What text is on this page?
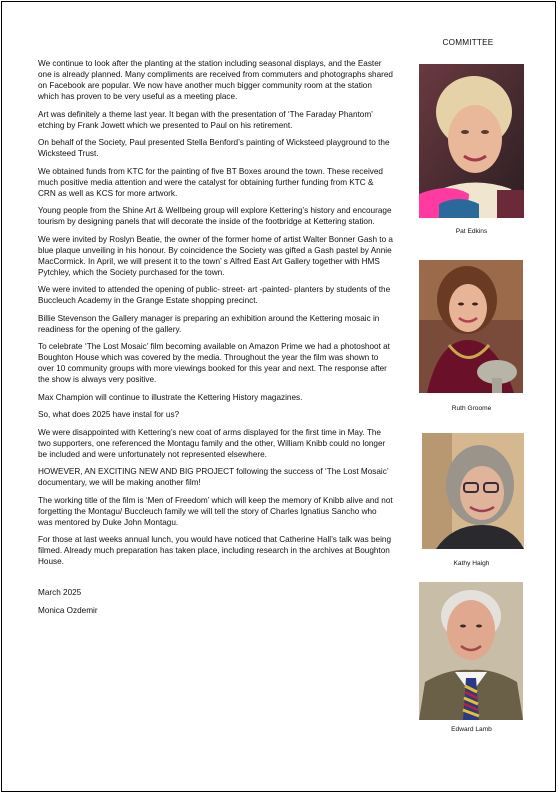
We continue to look after the planting at the station including seasonal displays, and the Easter one is already planned. Many compliments are received from commuters and photographs shared on Facebook are popular. We now have another much bigger community room at the station which has proven to be very useful as a meeting place.

Art was definitely a theme last year. It began with the presentation of ‘The Faraday Phantom’ etching by Frank Jowett which we presented to Paul on his retirement.

On behalf of the Society, Paul presented Stella Benford’s painting of Wicksteed playground to the Wicksteed Trust.

We obtained funds from KTC for the painting of five BT Boxes around the town. These received much positive media attention and were the catalyst for obtaining further funding from KTC & CRN as well as KCS for more artwork.

Young people from the Shine Art & Wellbeing group will explore Kettering’s history and encourage tourism by designing panels that will decorate the inside of the footbridge at Kettering station.

We were invited by Roslyn Beatie, the owner of the former home of artist Walter Bonner Gash to a blue plaque unveiling in his honour. By coincidence the Society was gifted a Gash pastel by Annie MacCormick. In April, we will present it to the town’ s Alfred East Art Gallery together with HMS Pytchley, which the Society purchased for the town.

We were invited to attended the opening of public- street- art -painted- planters by students of the Buccleuch Academy in the Grange Estate shopping precinct.

Billie Stevenson the Gallery manager is preparing an exhibition around the Kettering mosaic in readiness for the opening of the gallery.

To celebrate ‘The Lost Mosaic’ film becoming available on Amazon Prime we had a photoshoot at Boughton House which was covered by the media. Throughout the year the film was shown to over 10 community groups with more viewings booked for this year and next. The response after the show is always very positive.

Max Champion will continue to illustrate the Kettering History magazines.

So, what does 2025 have instal for us?

We were disappointed with Kettering’s new coat of arms displayed for the first time in May. The two supporters, one referenced the Montagu family and the other, William Knibb could no longer be included and were unfortunately not represented elsewhere.

HOWEVER, AN EXCITING NEW AND BIG PROJECT following the success of ‘The Lost Mosaic’ documentary, we will be making another film!

The working title of the film is ‘Men of Freedom’ which will keep the memory of Knibb alive and not forgetting the Montagu/ Buccleuch family we will tell the story of Charles Ignatius Sancho who was mentored by Duke John Montagu.

For those at last weeks annual lunch, you would have noticed that Catherine Hall’s talk was being filmed. Already much preparation has taken place, including research in the archives at Boughton House.

March 2025

Monica Ozdemir

COMMITTEE
Pat Edkins
Ruth Groome
Kathy Haigh
Edward Lamb
